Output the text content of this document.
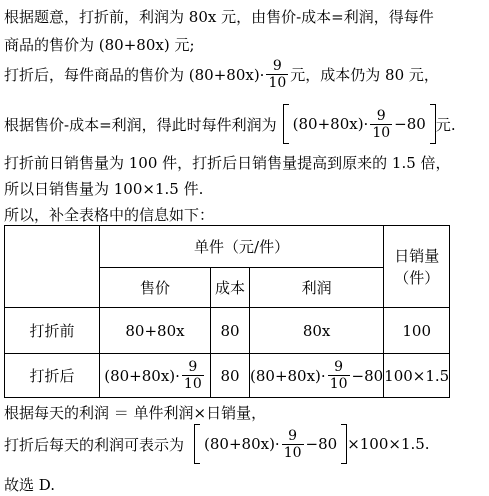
根据题意，打折前，利润为 80x 元，由售价-成本=利润，得每件
商品的售价为 (80+80x) 元;
打折后，每件商品的售价为 $(80+80x)\cdot \frac{9}{10}$ 元，成本仍为 80 元，
根据售价-成本=利润，得此时每件利润为 $(80+80x)\cdot \frac{9}{10} -80$ 元.
打折前日销售量为 100 件，打折后日销售量提高到原来的 1.5 倍，
所以日销售量为 100×1.5 件.
所以，补全表格中的信息如下：
	单件（元/件）			日销量（件）
	售价	成本	利润	
打折前	80+80x	80	80x	100
打折后	$(80+80x)\cdot \frac{9}{10}$	80	$(80+80x)\cdot \frac{9}{10} -80$	100×1.5
根据每天的利润 ＝ 单件利润×日销量，
打折后每天的利润可表示为 $(80+80x)\cdot \frac{9}{10} -80 \times 100\times 1.5$.
故选 D.
